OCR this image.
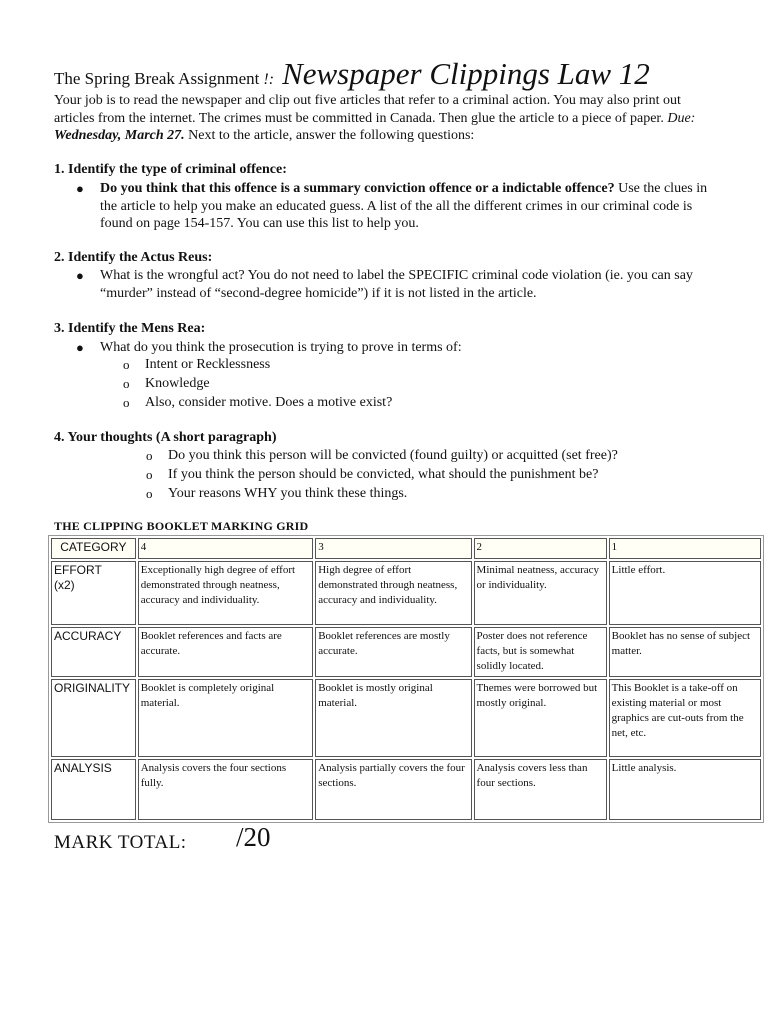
The Spring Break Assignment !: Newspaper Clippings Law 12
Your job is to read the newspaper and clip out five articles that refer to a criminal action. You may also print out articles from the internet. The crimes must be committed in Canada. Then glue the article to a piece of paper. Due: Wednesday, March 27. Next to the article, answer the following questions:
1. Identify the type of criminal offence:
● Do you think that this offence is a summary conviction offence or a indictable offence? Use the clues in the article to help you make an educated guess. A list of the all the different crimes in our criminal code is found on page 154-157. You can use this list to help you.
2. Identify the Actus Reus:
● What is the wrongful act? You do not need to label the SPECIFIC criminal code violation (ie. you can say “murder” instead of “second-degree homicide”) if it is not listed in the article.
3. Identify the Mens Rea:
● What do you think the prosecution is trying to prove in terms of:
o Intent or Recklessness
o Knowledge
o Also, consider motive. Does a motive exist?
4. Your thoughts (A short paragraph)
o Do you think this person will be convicted (found guilty) or acquitted (set free)?
o If you think the person should be convicted, what should the punishment be?
o Your reasons WHY you think these things.
THE CLIPPING BOOKLET MARKING GRID
CATEGORY	4	3	2	1
EFFORT
(x2)	Exceptionally high degree of effort demonstrated through neatness, accuracy and individuality.	High degree of effort demonstrated through neatness, accuracy and individuality.	Minimal neatness, accuracy or individuality.	Little effort.
ACCURACY	Booklet references and facts are accurate.	Booklet references are mostly accurate.	Poster does not reference facts, but is somewhat solidly located.	Booklet has no sense of subject matter.
ORIGINALITY	Booklet is completely original material.	Booklet is mostly original material.	Themes were borrowed but mostly original.	This Booklet is a take-off on existing material or most graphics are cut-outs from the net, etc.
ANALYSIS	Analysis covers the four sections fully.	Analysis partially covers the four sections.	Analysis covers less than four sections.	Little analysis.
MARK TOTAL: /20
